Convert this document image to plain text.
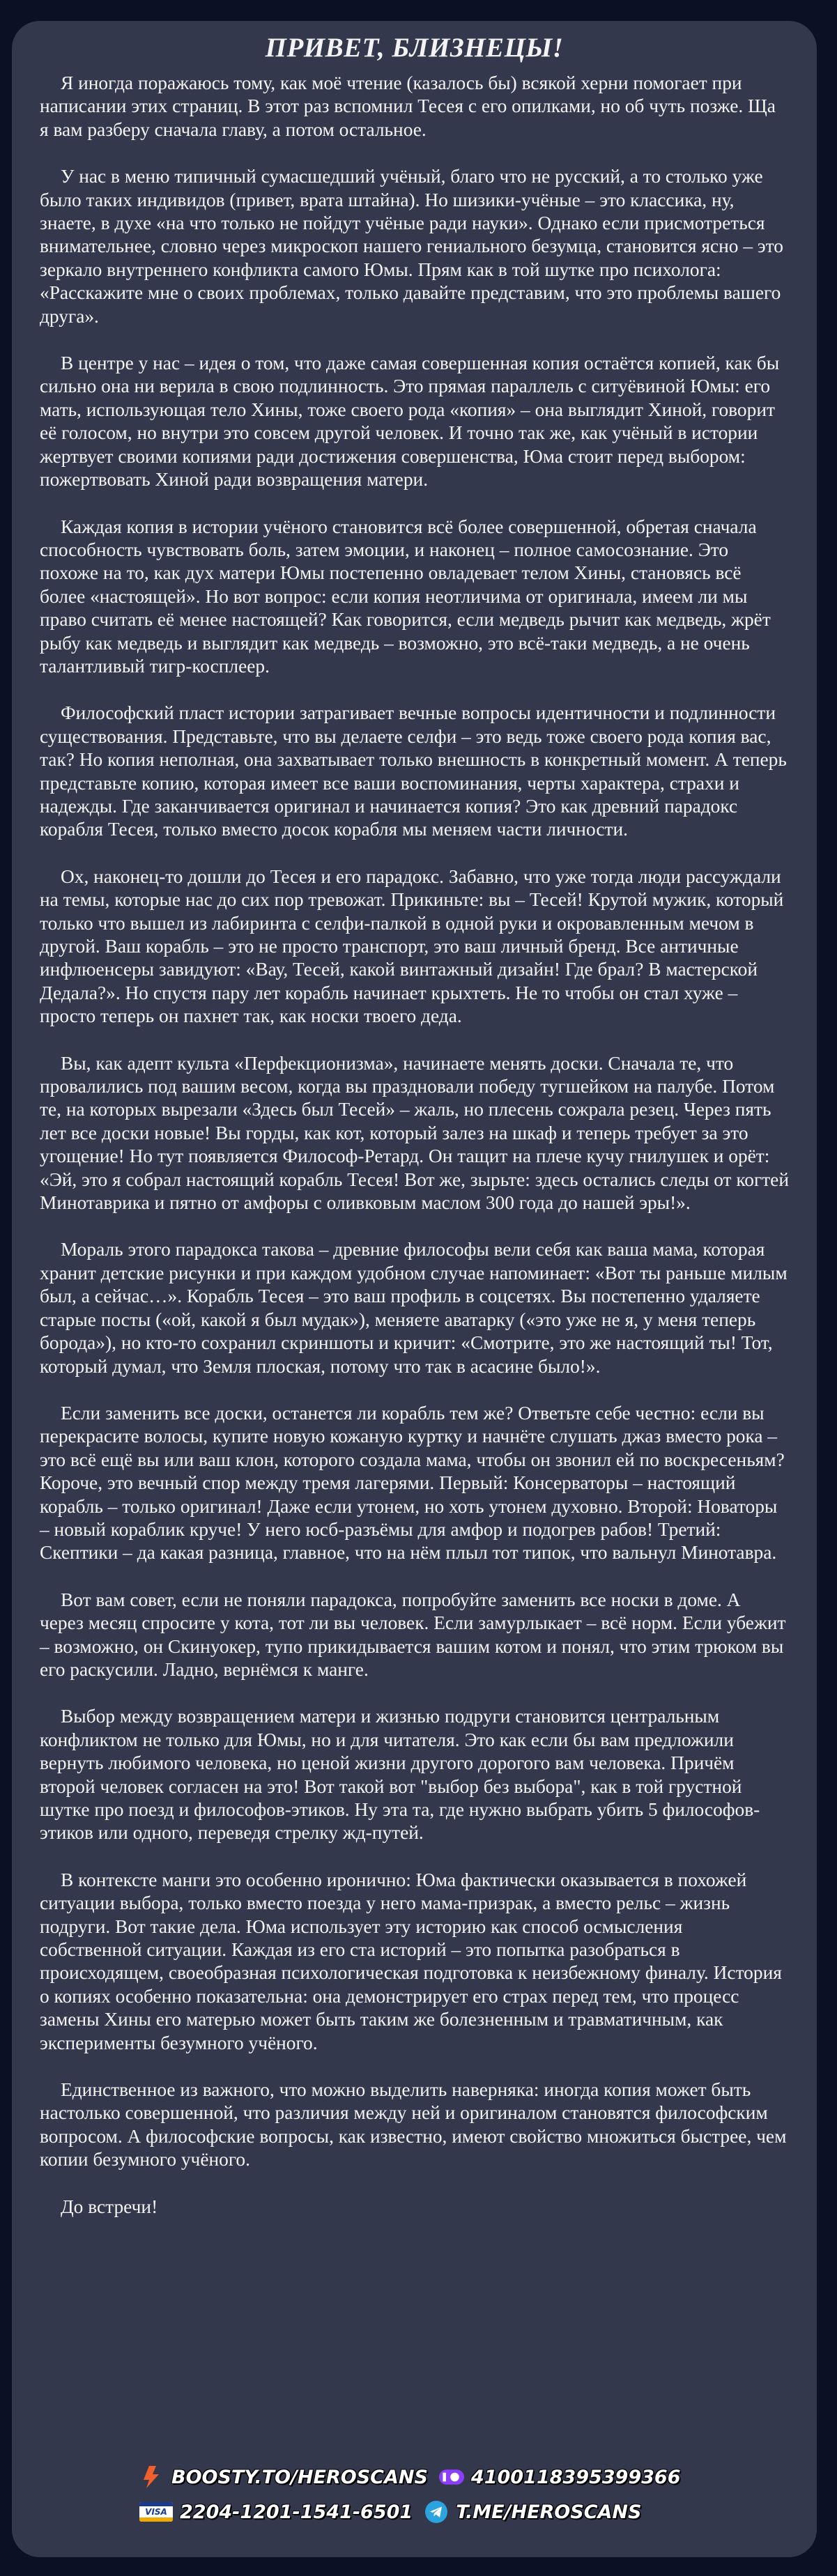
ПРИВЕТ, БЛИЗНЕЦЫ!
Я иногда поражаюсь тому, как моё чтение (казалось бы) всякой херни помогает при написании этих страниц. В этот раз вспомнил Тесея с его опилками, но об чуть позже. Ща я вам разберу сначала главу, а потом остальное.
У нас в меню типичный сумасшедший учёный, благо что не русский, а то столько уже было таких индивидов (привет, врата штайна). Но шизики-учёные – это классика, ну, знаете, в духе «на что только не пойдут учёные ради науки». Однако если присмотреться внимательнее, словно через микроскоп нашего гениального безумца, становится ясно – это зеркало внутреннего конфликта самого Юмы. Прям как в той шутке про психолога: «Расскажите мне о своих проблемах, только давайте представим, что это проблемы вашего друга».
В центре у нас – идея о том, что даже самая совершенная копия остаётся копией, как бы сильно она ни верила в свою подлинность. Это прямая параллель с ситуёвиной Юмы: его мать, использующая тело Хины, тоже своего рода «копия» – она выглядит Хиной, говорит её голосом, но внутри это совсем другой человек. И точно так же, как учёный в истории жертвует своими копиями ради достижения совершенства, Юма стоит перед выбором: пожертвовать Хиной ради возвращения матери.
Каждая копия в истории учёного становится всё более совершенной, обретая сначала способность чувствовать боль, затем эмоции, и наконец – полное самосознание. Это похоже на то, как дух матери Юмы постепенно овладевает телом Хины, становясь всё более «настоящей». Но вот вопрос: если копия неотличима от оригинала, имеем ли мы право считать её менее настоящей? Как говорится, если медведь рычит как медведь, жрёт рыбу как медведь и выглядит как медведь – возможно, это всё-таки медведь, а не очень талантливый тигр-косплеер.
Философский пласт истории затрагивает вечные вопросы идентичности и подлинности существования. Представьте, что вы делаете селфи – это ведь тоже своего рода копия вас, так? Но копия неполная, она захватывает только внешность в конкретный момент. А теперь представьте копию, которая имеет все ваши воспоминания, черты характера, страхи и надежды. Где заканчивается оригинал и начинается копия? Это как древний парадокс корабля Тесея, только вместо досок корабля мы меняем части личности.
Ох, наконец-то дошли до Тесея и его парадокс. Забавно, что уже тогда люди рассуждали на темы, которые нас до сих пор тревожат. Прикиньте: вы – Тесей! Крутой мужик, который только что вышел из лабиринта с селфи-палкой в одной руки и окровавленным мечом в другой. Ваш корабль – это не просто транспорт, это ваш личный бренд. Все античные инфлюенсеры завидуют: «Вау, Тесей, какой винтажный дизайн! Где брал? В мастерской Дедала?». Но спустя пару лет корабль начинает крыхтеть. Не то чтобы он стал хуже – просто теперь он пахнет так, как носки твоего деда.
Вы, как адепт культа «Перфекционизма», начинаете менять доски. Сначала те, что провалились под вашим весом, когда вы праздновали победу тугшейком на палубе. Потом те, на которых вырезали «Здесь был Тесей» – жаль, но плесень сожрала резец. Через пять лет все доски новые! Вы горды, как кот, который залез на шкаф и теперь требует за это угощение! Но тут появляется Философ-Ретард. Он тащит на плече кучу гнилушек и орёт: «Эй, это я собрал настоящий корабль Тесея! Вот же, зырьте: здесь остались следы от когтей Минотаврика и пятно от амфоры с оливковым маслом 300 года до нашей эры!».
Мораль этого парадокса такова – древние философы вели себя как ваша мама, которая хранит детские рисунки и при каждом удобном случае напоминает: «Вот ты раньше милым был, а сейчас…». Корабль Тесея – это ваш профиль в соцсетях. Вы постепенно удаляете старые посты («ой, какой я был мудак»), меняете аватарку («это уже не я, у меня теперь борода»), но кто-то сохранил скриншоты и кричит: «Смотрите, это же настоящий ты! Тот, который думал, что Земля плоская, потому что так в асасине было!».
Если заменить все доски, останется ли корабль тем же? Ответьте себе честно: если вы перекрасите волосы, купите новую кожаную куртку и начнёте слушать джаз вместо рока – это всё ещё вы или ваш клон, которого создала мама, чтобы он звонил ей по воскресеньям? Короче, это вечный спор между тремя лагерями. Первый: Консерваторы – настоящий корабль – только оригинал! Даже если утонем, но хоть утонем духовно. Второй: Новаторы – новый кораблик круче! У него юсб-разъёмы для амфор и подогрев рабов! Третий: Скептики – да какая разница, главное, что на нём плыл тот типок, что вальнул Минотавра.
Вот вам совет, если не поняли парадокса, попробуйте заменить все носки в доме. А через месяц спросите у кота, тот ли вы человек. Если замурлыкает – всё норм. Если убежит – возможно, он Скинуокер, тупо прикидывается вашим котом и понял, что этим трюком вы его раскусили. Ладно, вернёмся к манге.
Выбор между возвращением матери и жизнью подруги становится центральным конфликтом не только для Юмы, но и для читателя. Это как если бы вам предложили вернуть любимого человека, но ценой жизни другого дорогого вам человека. Причём второй человек согласен на это! Вот такой вот "выбор без выбора", как в той грустной шутке про поезд и философов-этиков. Ну эта та, где нужно выбрать убить 5 философов-этиков или одного, переведя стрелку жд-путей.
В контексте манги это особенно иронично: Юма фактически оказывается в похожей ситуации выбора, только вместо поезда у него мама-призрак, а вместо рельс – жизнь подруги. Вот такие дела. Юма использует эту историю как способ осмысления собственной ситуации. Каждая из его ста историй – это попытка разобраться в происходящем, своеобразная психологическая подготовка к неизбежному финалу. История о копиях особенно показательна: она демонстрирует его страх перед тем, что процесс замены Хины его матерью может быть таким же болезненным и травматичным, как эксперименты безумного учёного.
Единственное из важного, что можно выделить наверняка: иногда копия может быть настолько совершенной, что различия между ней и оригиналом становятся философским вопросом. А философские вопросы, как известно, имеют свойство множиться быстрее, чем копии безумного учёного.
До встречи!
BOOSTY.TO/HEROSCANS 4100118395399366
VISA 2204-1201-1541-6501 T.ME/HEROSCANS
